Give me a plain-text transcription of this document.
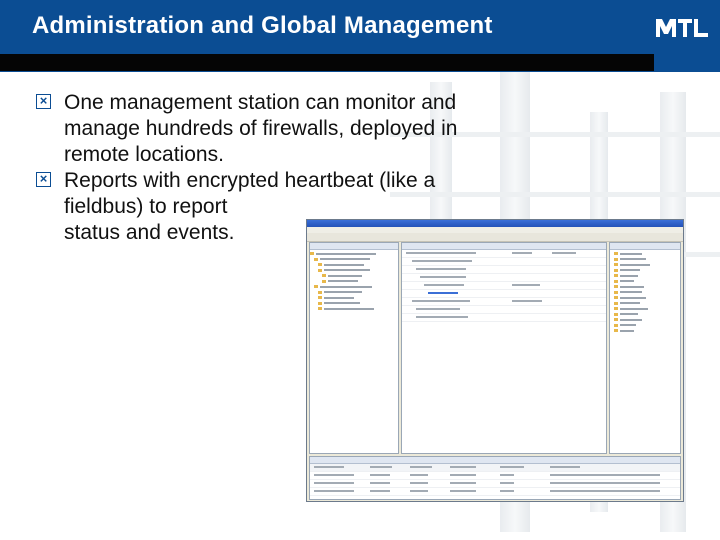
Administration and Global Management
× One management station can monitor and
manage hundreds of firewalls, deployed in
remote locations.
× Reports with encrypted heartbeat (like a
fieldbus) to report
status and events.
